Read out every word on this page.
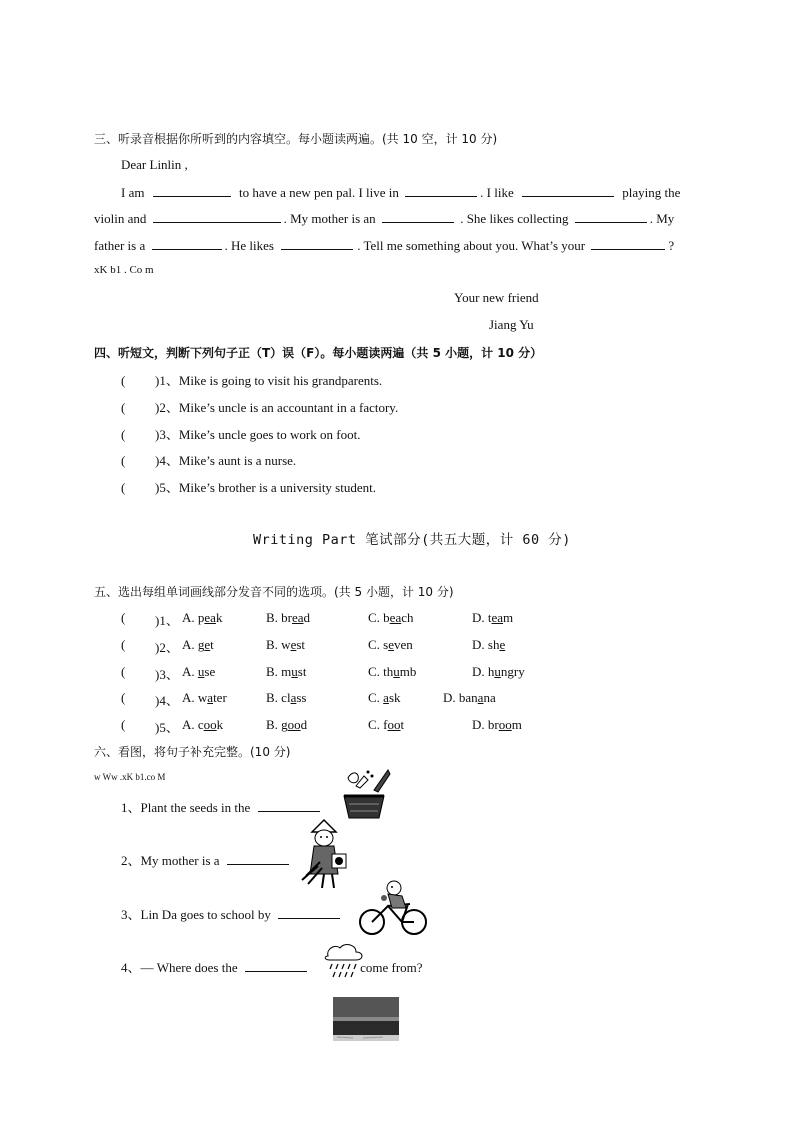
三、听录音根据你所听到的内容填空。每小题读两遍。(共 10 空，计 10 分)
Dear Linlin ,
I am	to have a new pen pal. I live in	. I like	playing the
violin and	. My mother is an	. She likes collecting	. My
father is a	. He likes	. Tell me something about you. What’s your	?
xK b1 . Co m
Your new friend
Jiang Yu
四、听短文，判断下列句子正（T）误（F）。每小题读两遍（共 5 小题，计 10 分）
( )1、Mike is going to visit his grandparents.
( )2、Mike’s uncle is an accountant in a factory.
( )3、Mike’s uncle goes to work on foot.
( )4、Mike’s aunt is a nurse.
( )5、Mike’s brother is a university student.
Writing Part 笔试部分(共五大题，计 60 分)
五、选出每组单词画线部分发音不同的选项。(共 5 小题，计 10 分)
( )1、 A. peak	B. bread	C. beach	D. team
( )2、 A. get	B. west	C. seven	D. she
( )3、 A. use	B. must	C. thumb	D. hungry
( )4、 A. water	B. class	C. ask	D. banana
( )5、 A. cook	B. good	C. foot	D. broom
六、看图，将句子补充完整。(10 分)
w Ww .xK b1.co M
1、Plant the seeds in the
2、My mother is a
3、Lin Da goes to school by
4、— Where does the	come from?
